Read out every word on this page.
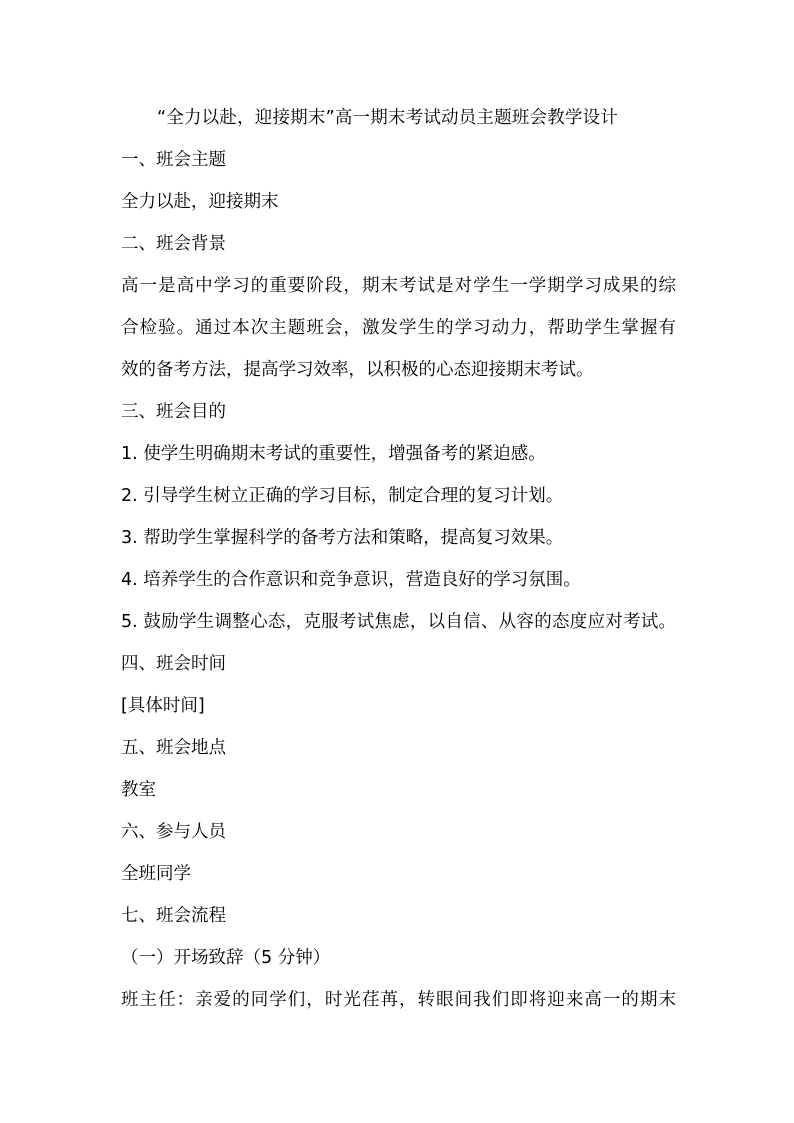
“全力以赴，迎接期末”高一期末考试动员主题班会教学设计
一、班会主题
全力以赴，迎接期末
二、班会背景
高一是高中学习的重要阶段，期末考试是对学生一学期学习成果的综
合检验。通过本次主题班会，激发学生的学习动力，帮助学生掌握有
效的备考方法，提高学习效率，以积极的心态迎接期末考试。
三、班会目的
1. 使学生明确期末考试的重要性，增强备考的紧迫感。
2. 引导学生树立正确的学习目标，制定合理的复习计划。
3. 帮助学生掌握科学的备考方法和策略，提高复习效果。
4. 培养学生的合作意识和竞争意识，营造良好的学习氛围。
5. 鼓励学生调整心态，克服考试焦虑，以自信、从容的态度应对考试。
四、班会时间
[具体时间]
五、班会地点
教室
六、参与人员
全班同学
七、班会流程
（一）开场致辞（5 分钟）
班主任：亲爱的同学们，时光荏苒，转眼间我们即将迎来高一的期末
